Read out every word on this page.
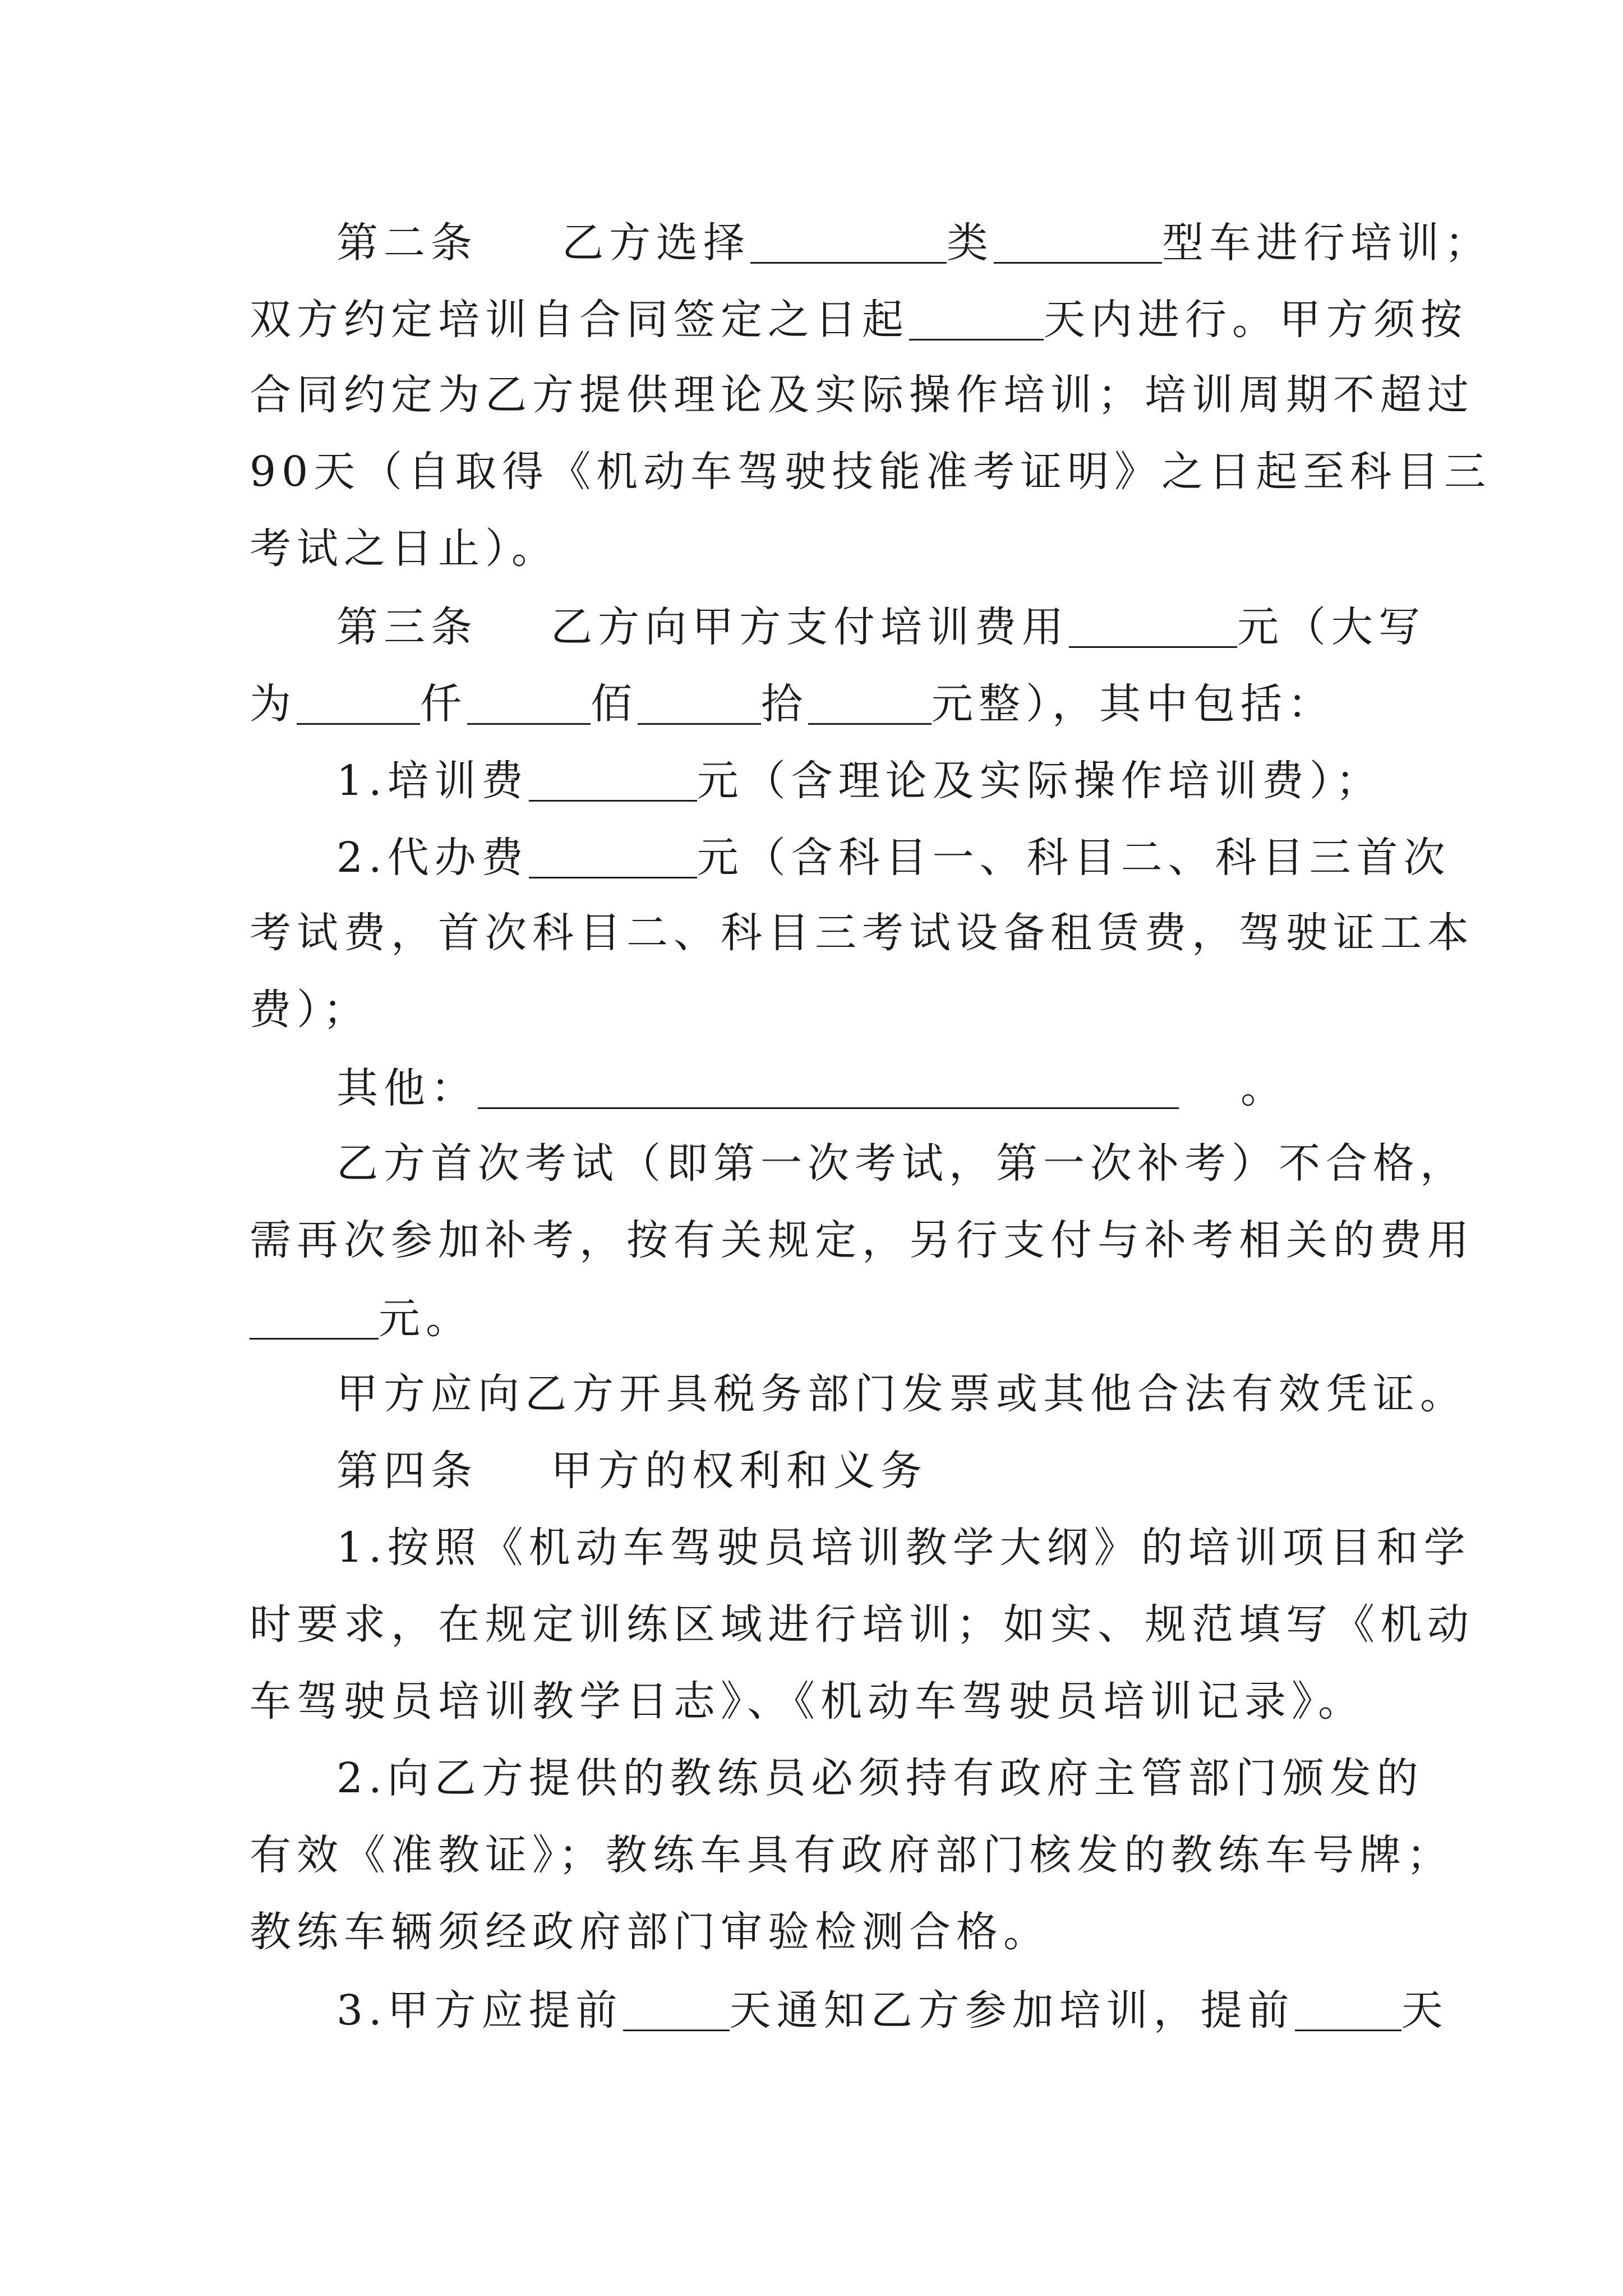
第二条 乙方选择	类	型车进行培训；
双方约定培训自合同签定之日起	天内进行。甲方须按
合同约定为乙方提供理论及实际操作培训；培训周期不超过
90天（自取得《机动车驾驶技能准考证明》之日起至科目三
考试之日止）。
第三条 乙方向甲方支付培训费用	元（大写
为	仟	佰	拾	元整），其中包括：
1.培训费	元（含理论及实际操作培训费）；
2.代办费	元（含科目一、科目二、科目三首次
考试费，首次科目二、科目三考试设备租赁费，驾驶证工本
费）；
其他：	。
乙方首次考试（即第一次考试，第一次补考）不合格，
需再次参加补考，按有关规定，另行支付与补考相关的费用
元。
甲方应向乙方开具税务部门发票或其他合法有效凭证。
第四条 甲方的权利和义务
1.按照《机动车驾驶员培训教学大纲》的培训项目和学
时要求，在规定训练区域进行培训；如实、规范填写《机动
车驾驶员培训教学日志》、《机动车驾驶员培训记录》。
2.向乙方提供的教练员必须持有政府主管部门颁发的
有效《准教证》；教练车具有政府部门核发的教练车号牌；
教练车辆须经政府部门审验检测合格。
3.甲方应提前	天通知乙方参加培训，提前	天
